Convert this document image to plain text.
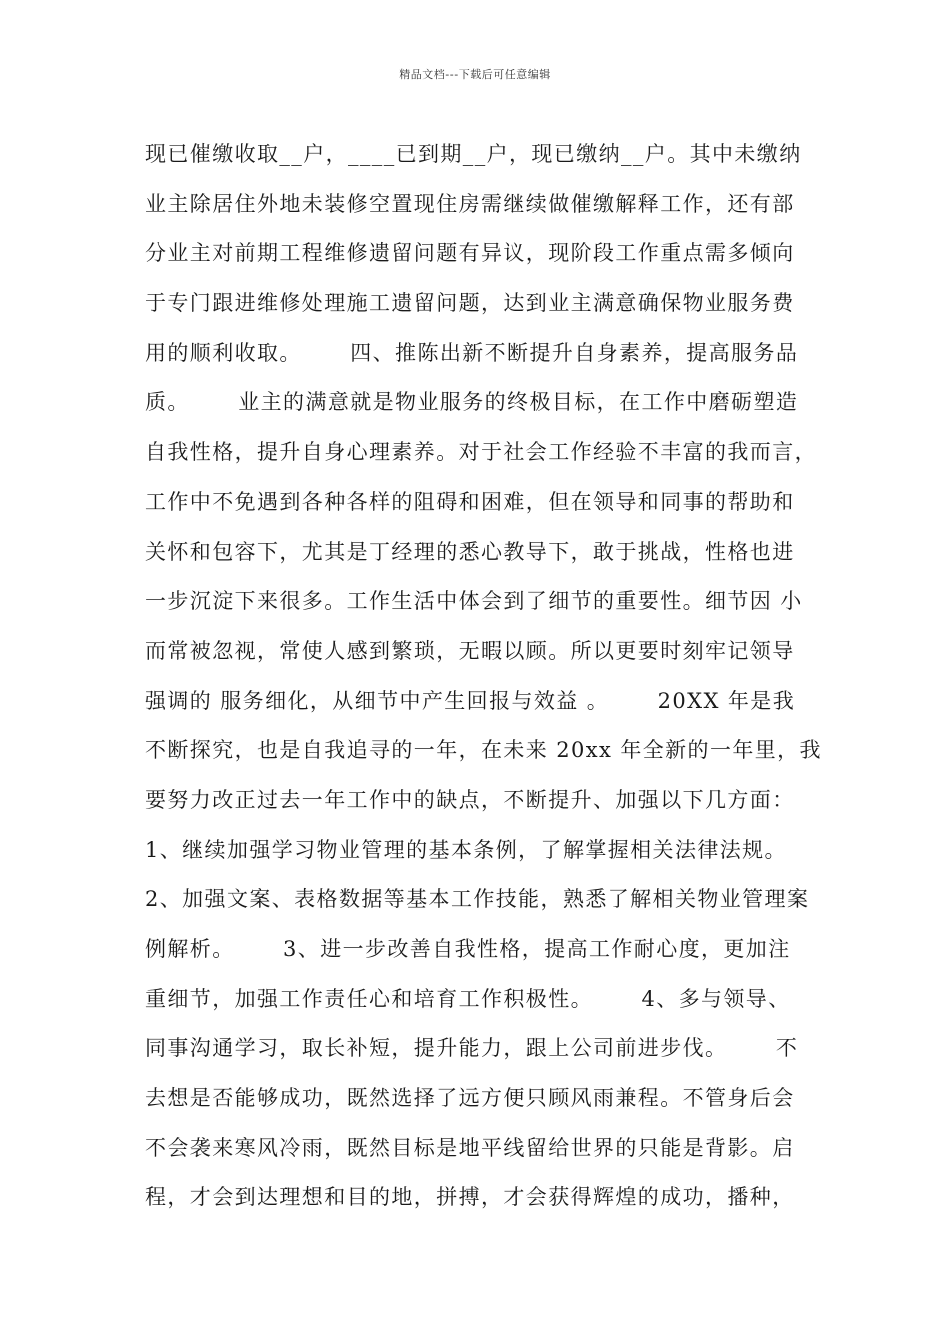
精品文档---下载后可任意编辑
现已催缴收取__户，____已到期__户，现已缴纳__户。其中未缴纳
业主除居住外地未装修空置现住房需继续做催缴解释工作，还有部
分业主对前期工程维修遗留问题有异议，现阶段工作重点需多倾向
于专门跟进维修处理施工遗留问题，达到业主满意确保物业服务费
用的顺利收取。      四、推陈出新不断提升自身素养，提高服务品
质。      业主的满意就是物业服务的终极目标，在工作中磨砺塑造
自我性格，提升自身心理素养。对于社会工作经验不丰富的我而言，
工作中不免遇到各种各样的阻碍和困难，但在领导和同事的帮助和
关怀和包容下，尤其是丁经理的悉心教导下，敢于挑战，性格也进
一步沉淀下来很多。工作生活中体会到了细节的重要性。细节因 小
而常被忽视，常使人感到繁琐，无暇以顾。所以更要时刻牢记领导
强调的 服务细化，从细节中产生回报与效益 。      20XX 年是我
不断探究，也是自我追寻的一年，在未来 20xx 年全新的一年里，我
要努力改正过去一年工作中的缺点，不断提升、加强以下几方面：
1、继续加强学习物业管理的基本条例，了解掌握相关法律法规。
2、加强文案、表格数据等基本工作技能，熟悉了解相关物业管理案
例解析。      3、进一步改善自我性格，提高工作耐心度，更加注
重细节，加强工作责任心和培育工作积极性。      4、多与领导、
同事沟通学习，取长补短，提升能力，跟上公司前进步伐。      不
去想是否能够成功，既然选择了远方便只顾风雨兼程。不管身后会
不会袭来寒风冷雨，既然目标是地平线留给世界的只能是背影。启
程，才会到达理想和目的地，拼搏，才会获得辉煌的成功，播种，
